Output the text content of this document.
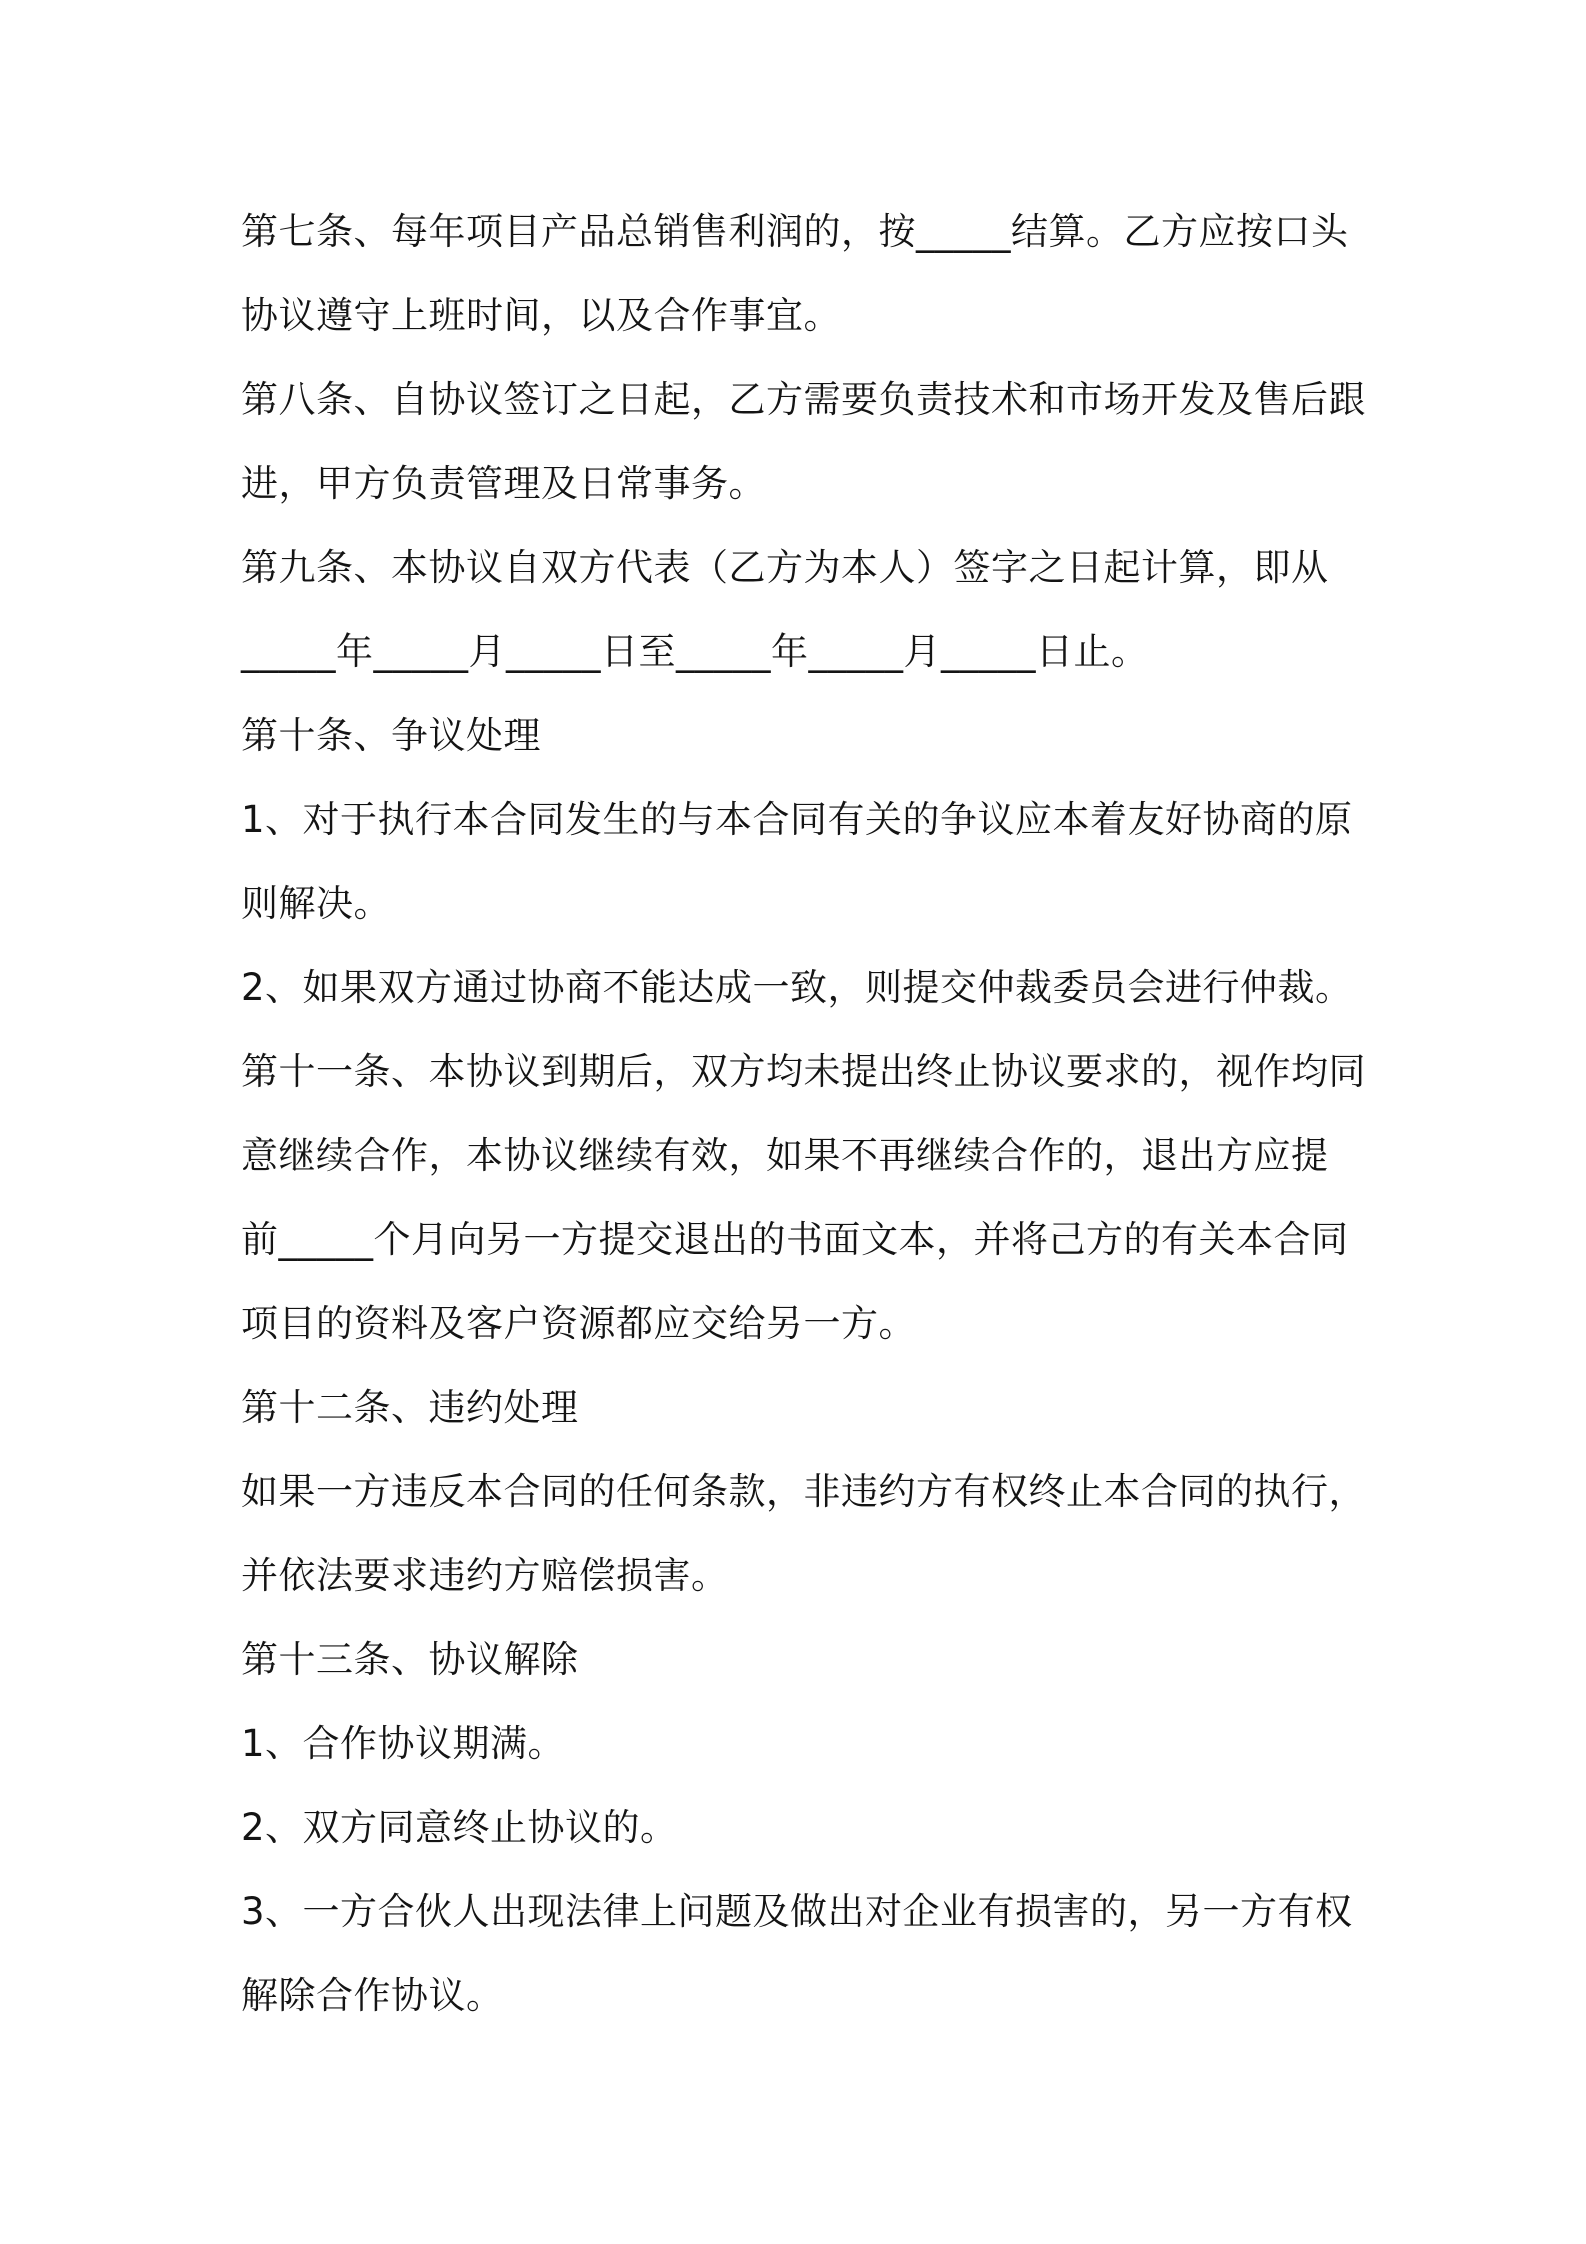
第七条、每年项目产品总销售利润的，按_____结算。乙方应按口头

协议遵守上班时间，以及合作事宜。

第八条、自协议签订之日起，乙方需要负责技术和市场开发及售后跟

进，甲方负责管理及日常事务。

第九条、本协议自双方代表（乙方为本人）签字之日起计算，即从

_____年_____月_____日至_____年_____月_____日止。

第十条、争议处理

1、对于执行本合同发生的与本合同有关的争议应本着友好协商的原

则解决。

2、如果双方通过协商不能达成一致，则提交仲裁委员会进行仲裁。

第十一条、本协议到期后，双方均未提出终止协议要求的，视作均同

意继续合作，本协议继续有效，如果不再继续合作的，退出方应提

前_____个月向另一方提交退出的书面文本，并将己方的有关本合同

项目的资料及客户资源都应交给另一方。

第十二条、违约处理

如果一方违反本合同的任何条款，非违约方有权终止本合同的执行，

并依法要求违约方赔偿损害。

第十三条、协议解除

1、合作协议期满。

2、双方同意终止协议的。

3、一方合伙人出现法律上问题及做出对企业有损害的，另一方有权

解除合作协议。
